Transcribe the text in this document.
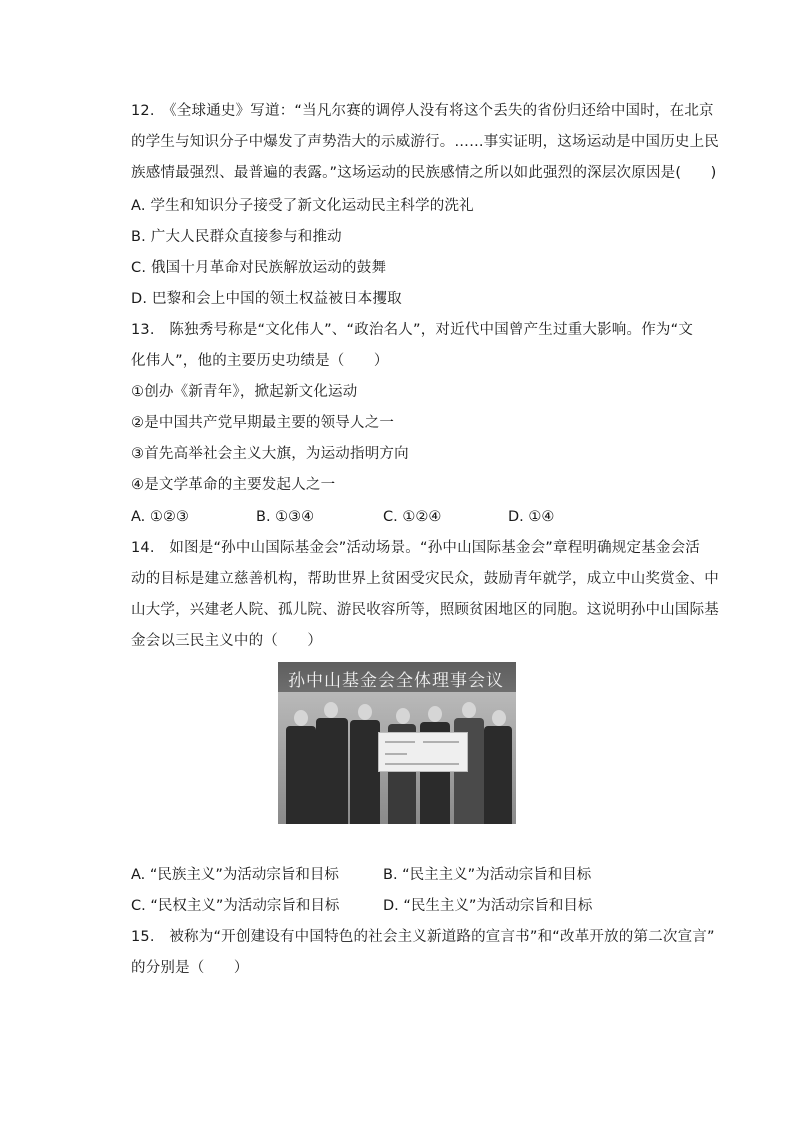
12.　《全球通史》写道：“当凡尔赛的调停人没有将这个丢失的省份归还给中国时，在北京
的学生与知识分子中爆发了声势浩大的示威游行。……事实证明，这场运动是中国历史上民
族感情最强烈、最普遍的表露。”这场运动的民族感情之所以如此强烈的深层次原因是(　　)
A. 学生和知识分子接受了新文化运动民主科学的洗礼
B. 广大人民群众直接参与和推动
C. 俄国十月革命对民族解放运动的鼓舞
D. 巴黎和会上中国的领土权益被日本攫取
13.　陈独秀号称是“文化伟人”、“政治名人”，对近代中国曾产生过重大影响。作为“文
化伟人”，他的主要历史功绩是（　　）
①创办《新青年》，掀起新文化运动
②是中国共产党早期最主要的领导人之一
③首先高举社会主义大旗，为运动指明方向
④是文学革命的主要发起人之一
A. ①②③	B. ①③④	C. ①②④	D. ①④
14.　如图是“孙中山国际基金会”活动场景。“孙中山国际基金会”章程明确规定基金会活
动的目标是建立慈善机构，帮助世界上贫困受灾民众，鼓励青年就学，成立中山奖赏金、中
山大学，兴建老人院、孤儿院、游民收容所等，照顾贫困地区的同胞。这说明孙中山国际基
金会以三民主义中的（　　）
孙中山基金会全体理事会议
A. “民族主义”为活动宗旨和目标	B. “民主主义”为活动宗旨和目标
C. “民权主义”为活动宗旨和目标	D. “民生主义”为活动宗旨和目标
15.　被称为“开创建设有中国特色的社会主义新道路的宣言书”和“改革开放的第二次宣言”
的分别是（　　）
